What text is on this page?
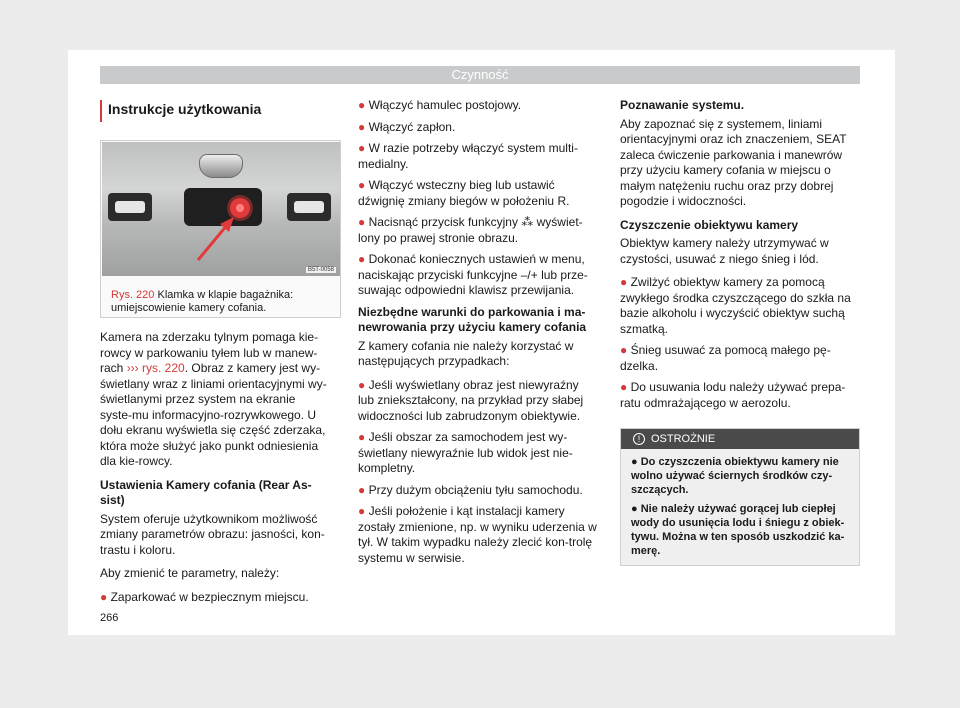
Czynność
Instrukcje użytkowania
B5T-0058
Rys. 220 Klamka w klapie bagażnika: umiejscowienie kamery cofania.

Kamera na zderzaku tylnym pomaga kie-rowcy w parkowaniu tyłem lub w manew-rach ››› rys. 220. Obraz z kamery jest wy-świetlany wraz z liniami orientacyjnymi wy-świetlanymi przez system na ekranie syste-mu informacyjno-rozrywkowego. U dołu ekranu wyświetla się część zderzaka, która może służyć jako punkt odniesienia dla kie-rowcy.

Ustawienia Kamery cofania (Rear As-sist)

System oferuje użytkownikom możliwość zmiany parametrów obrazu: jasności, kon-trastu i koloru.

Aby zmienić te parametry, należy:

● Zaparkować w bezpiecznym miejscu.

● Włączyć hamulec postojowy.

● Włączyć zapłon.

● W razie potrzeby włączyć system multi-medialny.

● Włączyć wsteczny bieg lub ustawić dźwignię zmiany biegów w położeniu R.

● Nacisnąć przycisk funkcyjny ⁂ wyświet-lony po prawej stronie obrazu.

● Dokonać koniecznych ustawień w menu, naciskając przyciski funkcyjne –/+ lub prze-suwając odpowiedni klawisz przewijania.

Niezbędne warunki do parkowania i ma-newrowania przy użyciu kamery cofania

Z kamery cofania nie należy korzystać w następujących przypadkach:

● Jeśli wyświetlany obraz jest niewyraźny lub zniekształcony, na przykład przy słabej widoczności lub zabrudzonym obiektywie.

● Jeśli obszar za samochodem jest wy-świetlany niewyraźnie lub widok jest nie-kompletny.

● Przy dużym obciążeniu tyłu samochodu.

● Jeśli położenie i kąt instalacji kamery zostały zmienione, np. w wyniku uderzenia w tył. W takim wypadku należy zlecić kon-trolę systemu w serwisie.

Poznawanie systemu.

Aby zapoznać się z systemem, liniami orientacyjnymi oraz ich znaczeniem, SEAT zaleca ćwiczenie parkowania i manewrów przy użyciu kamery cofania w miejscu o małym natężeniu ruchu oraz przy dobrej pogodzie i widoczności.

Czyszczenie obiektywu kamery

Obiektyw kamery należy utrzymywać w czystości, usuwać z niego śnieg i lód.

● Zwilżyć obiektyw kamery za pomocą zwykłego środka czyszczącego do szkła na bazie alkoholu i wyczyścić obiektyw suchą szmatką.

● Śnieg usuwać za pomocą małego pę-dzelka.

● Do usuwania lodu należy używać prepa-ratu odmrażającego w aerozolu.

! OSTROŻNIE

● Do czyszczenia obiektywu kamery nie wolno używać ściernych środków czy-szczących.

● Nie należy używać gorącej lub ciepłej wody do usunięcia lodu i śniegu z obiek-tywu. Można w ten sposób uszkodzić ka-merę.

266
